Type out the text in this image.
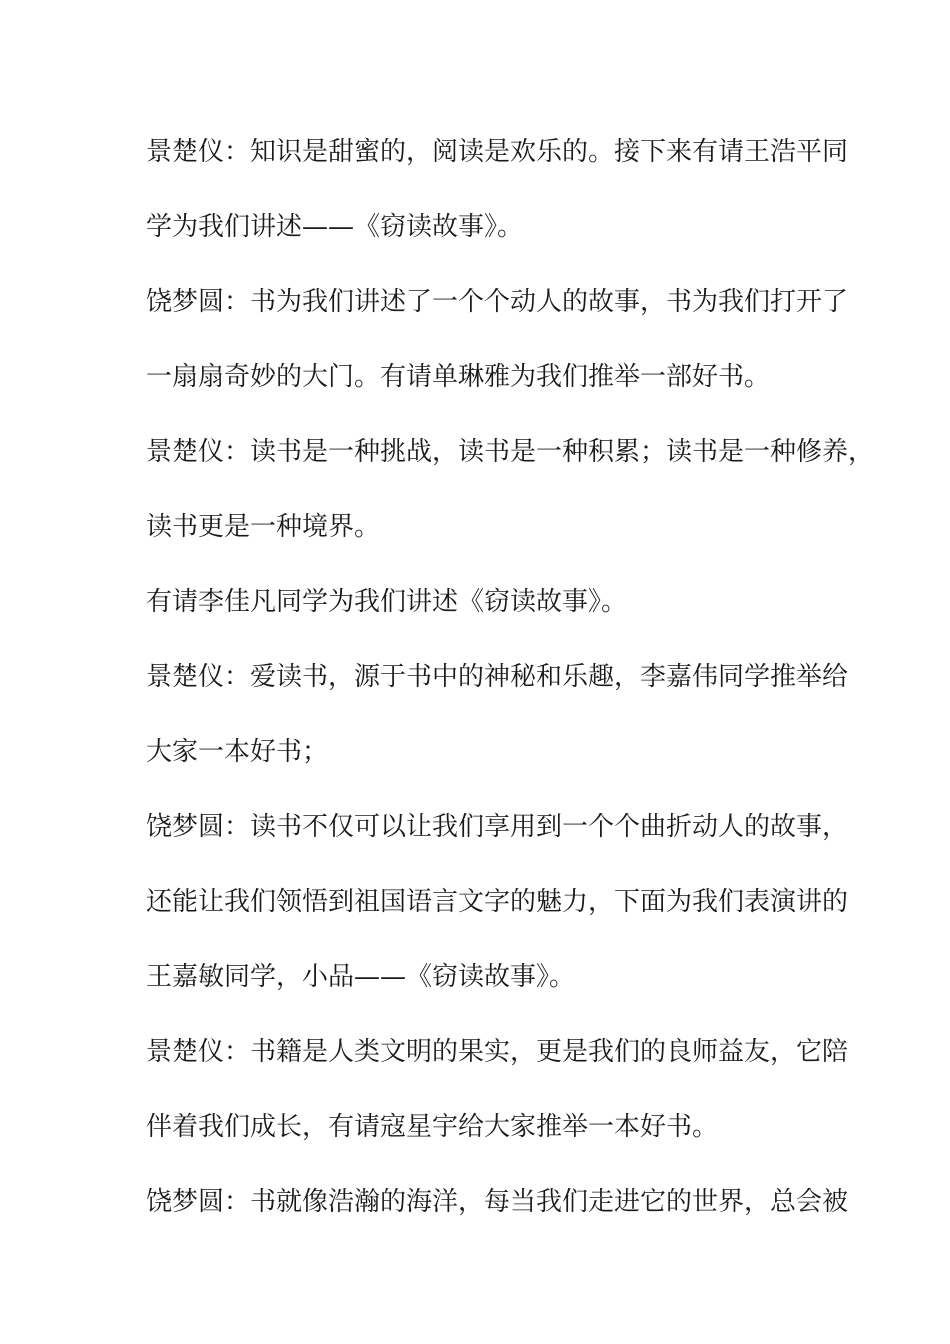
景楚仪：知识是甜蜜的，阅读是欢乐的。接下来有请王浩平同

学为我们讲述——《窃读故事》。

饶梦圆：书为我们讲述了一个个动人的故事，书为我们打开了

一扇扇奇妙的大门。有请单琳雅为我们推举一部好书。

景楚仪：读书是一种挑战，读书是一种积累；读书是一种修养，

读书更是一种境界。

有请李佳凡同学为我们讲述《窃读故事》。

景楚仪：爱读书，源于书中的神秘和乐趣，李嘉伟同学推举给

大家一本好书；

饶梦圆：读书不仅可以让我们享用到一个个曲折动人的故事，

还能让我们领悟到祖国语言文字的魅力，下面为我们表演讲的

王嘉敏同学，小品——《窃读故事》。

景楚仪：书籍是人类文明的果实，更是我们的良师益友，它陪

伴着我们成长，有请寇星宇给大家推举一本好书。

饶梦圆：书就像浩瀚的海洋，每当我们走进它的世界，总会被
